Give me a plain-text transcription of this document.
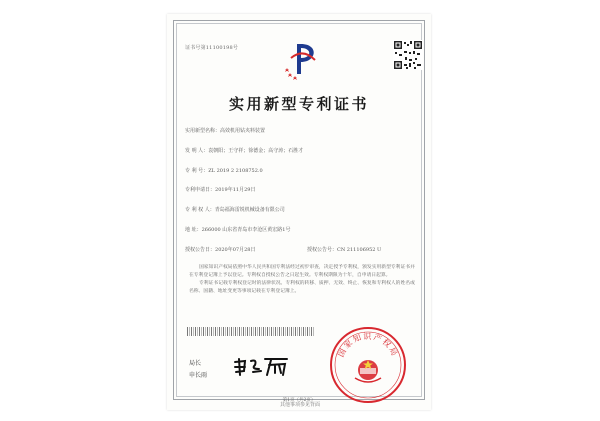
证书号第11100198号
实用新型专利证书
实用新型名称：高效机用钻夹料装置
发 明 人：袁朝阳；王守祥；徐德金；高守涛；石胜才
专 利 号：ZL 2019 2 2108752.0
专利申请日：2019年11月29日
专 利 权 人：青岛福海雷锐机械设备有限公司
地 址：266000 山东省青岛市李沧区黄宏路1号
授权公告日：2020年07月28日	授权公告号：CN 211106952 U

国家知识产权局依照中华人民共和国专利法经过初步审查，决定授予专利权，颁发实用新型专利证书并在专利登记簿上予以登记。专利权自授权公告之日起生效。专利权期限为十年，自申请日起算。

专利证书记载专利权登记时的法律状况。专利权的转移、质押、无效、终止、恢复和专利权人的姓名或名称、国籍、地址变更等事项记载在专利登记簿上。

国家知识产权局
局长
申长雨
第1页（共2页）
其他事项参见背面
